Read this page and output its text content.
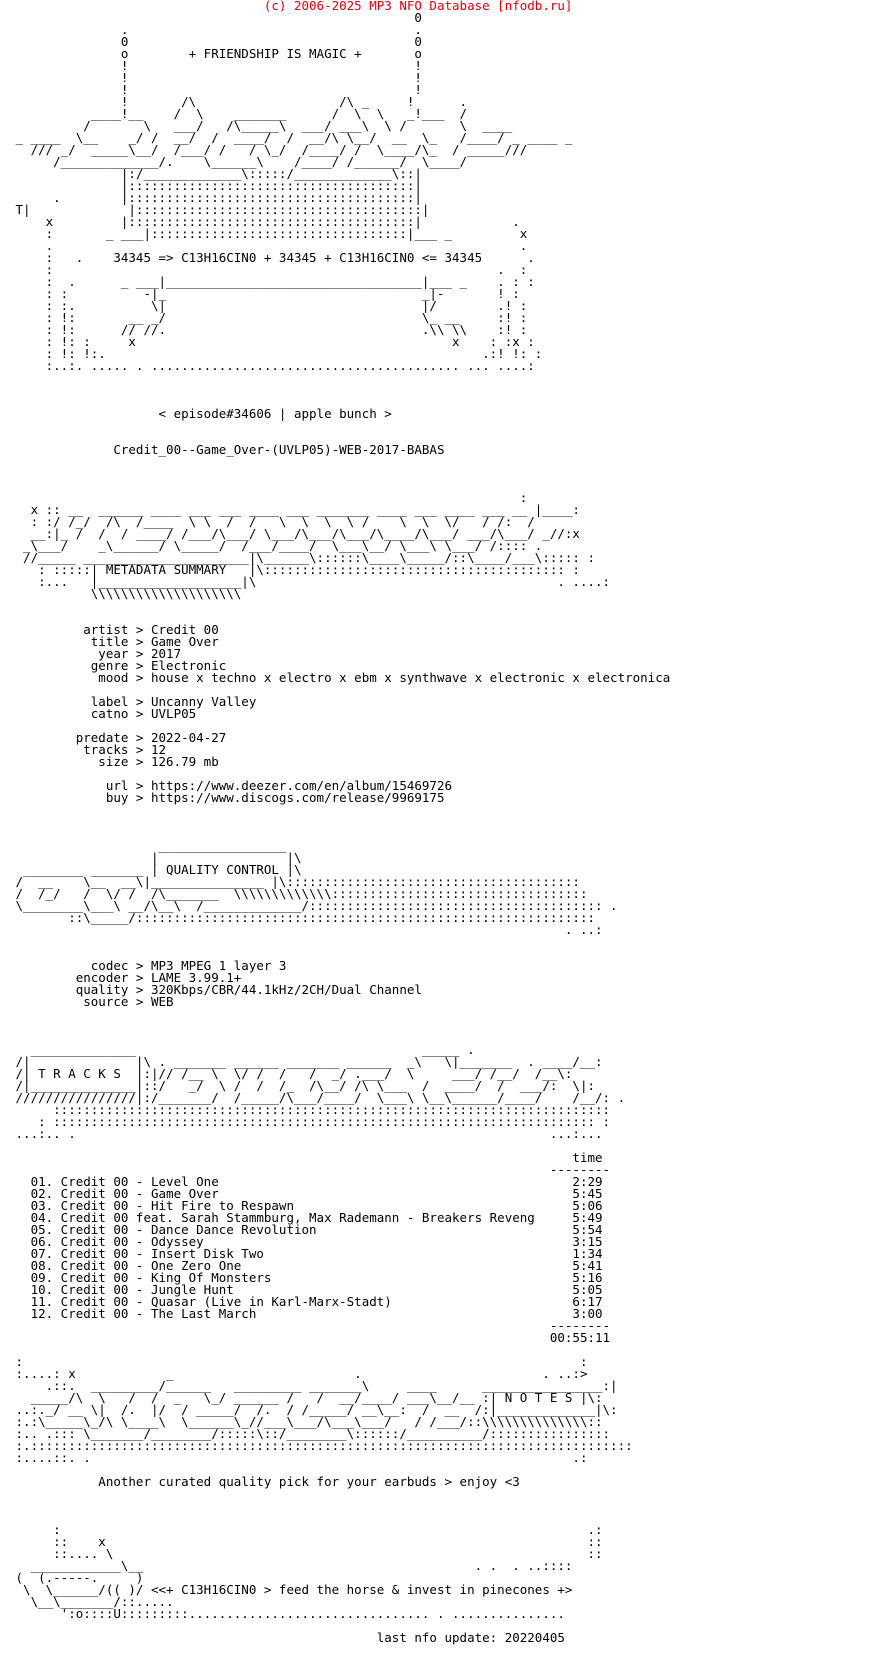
(c) 2006-2025 MP3 NFO Database [nfodb.ru]
0
.                                      .
0                                      0
o        + FRIENDSHIP IS MAGIC +       o
!                                      !
!                                      !
!                                      !
!       /\                   /\ _     !      .
____!__    /  \    _______      /  \  \   _!___  /
/       \   ___/   /\_____\  ___/ ___\  \ /       \  ____
_ ____  \__    _/ /  __/  /  ____/  /  __/\ \__/  __  \_   /____/ _ ____ _
/// _/  _____\__/  /___/ /   / \_/  /____/ /  \____/\_  / _____///
/_____________/.    \______\    /____/ /______/  \____/
|:/_____________\:::::/_____________\::|
|::::::::::::::::::::::::::::::::::::::|
.        |::::::::::::::::::::::::::::::::::::::|
T|             |::::::::::::::::::::::::::::::::::::::|
x         |::::::::::::::::::::::::::::::::::::::|            .
:       _ ___|::::::::::::::::::::::::::::::::::|___ _         x
.                                                              .
:   .    34345 => C13H16CIN0 + 34345 + C13H16CIN0 <= 34345      .
:                                                           .  :
:  .      _ ___|__________________________________|___ _    . : :
: :          -|_                                  _|-       ! :
: :.          \|                                  |/        .! :
: !:       __ _/                                  \_ __     :! :
: !:      // //.                                  .\\ \\    :! :
: !: :     x                                          x    : :x :
: !: !:.                                                  .:! !: :
:..:. ..... . ......................................... ... ....:

< episode#34606 | apple bunch >

Credit_00--Game_Over-(UVLP05)-WEB-2017-BABAS

:
x :: __  ______ ____ ___ ___ ____ ___ _______ ____ ___ ____ ___ __ |____:
: :/ /_/  /\  /____  \ \  /  /   \  \  \  \ /    \  \  \/   / /:  /
__:|_ /  /  / ____/ /___/\___/ \___/\___/\___/\____/\___/ ___/\___/ _//:x
_\___/    _\______/ \_____/  /___/____/  \___\__/ \___\ \___/ /:::: .
//_____ ______________________|\______\::::::\____\_____/::\____/___\::::: :
: :::::| METADATA SUMMARY   |\:::::::::::::::::::::::::::::::::::::::: :
:...   |___________________|\                                        . ....:
\\\\\\\\\\\\\\\\\\\\

artist > Credit 00
title > Game Over
year > 2017
genre > Electronic
mood > house x techno x electro x ebm x synthwave x electronic x electronica

label > Uncanny Valley
catno > UVLP05

predate > 2022-04-27
tracks > 12
size > 126.79 mb

url > https://www.deezer.com/en/album/15469726
buy > https://www.discogs.com/release/9969175

_________________
|                 |\
________ _______ | QUALITY CONTROL |\
/  __    \__  __\|_______________ |\:::::::::::::::::::::::::::::::::::::::
/  /_/   /  \/ /  /\_______  \\\\\\\\\\\\\::::::::::::::::::::::::::::::::::
\________\___\ __/\__\  /_____________/::::::::::::::::::::::::::::::::::::::: .
::\_____/:::::::::::::::::::::::::::::::::::::::::::::::::::::::::::::
. ..:

codec > MP3 MPEG 1 layer 3
encoder > LAME 3.99.1+
quality > 320Kbps/CBR/44.1kHz/2CH/Dual Channel
source > WEB

______________                                      _____ .
/|              |\ . _______ ______ _______ ______  _\   \|_______  . ____/__:
/| T R A C K S  |:|// /__ \  \/ /  /   /  _/ .___/  \     ___/ /__/  /__\:
/|______________|::/   _/  \ /  /  /_  /\__/ /\ \___  /  ____/  /  ___/:  \|:
////////////////|:/_______/  /_____/\___/____/  \___\ \__\______/____/    /__/: .
::::::::::::::::::::::::::::::::::::::::::::::::::::::::::::::::::::::::::
: :::::::::::::::::::::::::::::::::::::::::::::::::::::::::::::::::::::::: :
...:.. .                                                               ...:...

time
--------
01. Credit 00 - Level One                                               2:29
02. Credit 00 - Game Over                                               5:45
03. Credit 00 - Hit Fire to Respawn                                     5:06
04. Credit 00 feat. Sarah Stammburg, Max Rademann - Breakers Reveng     5:49
05. Credit 00 - Dance Dance Revolution                                  5:54
06. Credit 00 - Odyssey                                                 3:15
07. Credit 00 - Insert Disk Two                                         1:34
08. Credit 00 - One Zero One                                            5:41
09. Credit 00 - King Of Monsters                                        5:16
10. Credit 00 - Jungle Hunt                                             5:05
11. Credit 00 - Quasar (Live in Karl-Marx-Stadt)                        6:17
12. Credit 00 - The Last March                                          3:00
--------
00:55:11

:                                                                          :
:....: x            _                        .                        . ..:>
.::.  _________/______   _________ _______\     ____      ________________:|
_____/\  \   /  /  _   \_/ ______ /   /  __/____/ ___\__/__ :| N O T E S |\:
..:._/ __ \|  /.  |/  / _____/  /.  / /_____/ __\__:  /  __  /:|_____________|\:
:.:\_____\_/\ \____\  \______\_//___\___/\___\___/   / /___/::\\\\\\\\\\\\\\::
:.. .::: \_______/________/:::::\::/________\::::::/__________/::::::::::::::::
:.::::::::::::::::::::::::::::::::::::::::::::::::::::::::::::::::::::::::::::::::
:....::. .                                                                .:

Another curated quality pick for your earbuds > enjoy <3

:                                                                      .:
::    x                                                                ::
::.... \                                                               ::
____________\__                                            . .  . ..::::
(  (.-----.     )
\  \______/(( )/ <<+ C13H16CIN0 > feed the horse & invest in pinecones +>
\__\_______/::.....
':o::::U:::::::::................................ . ...............

last nfo update: 20220405
